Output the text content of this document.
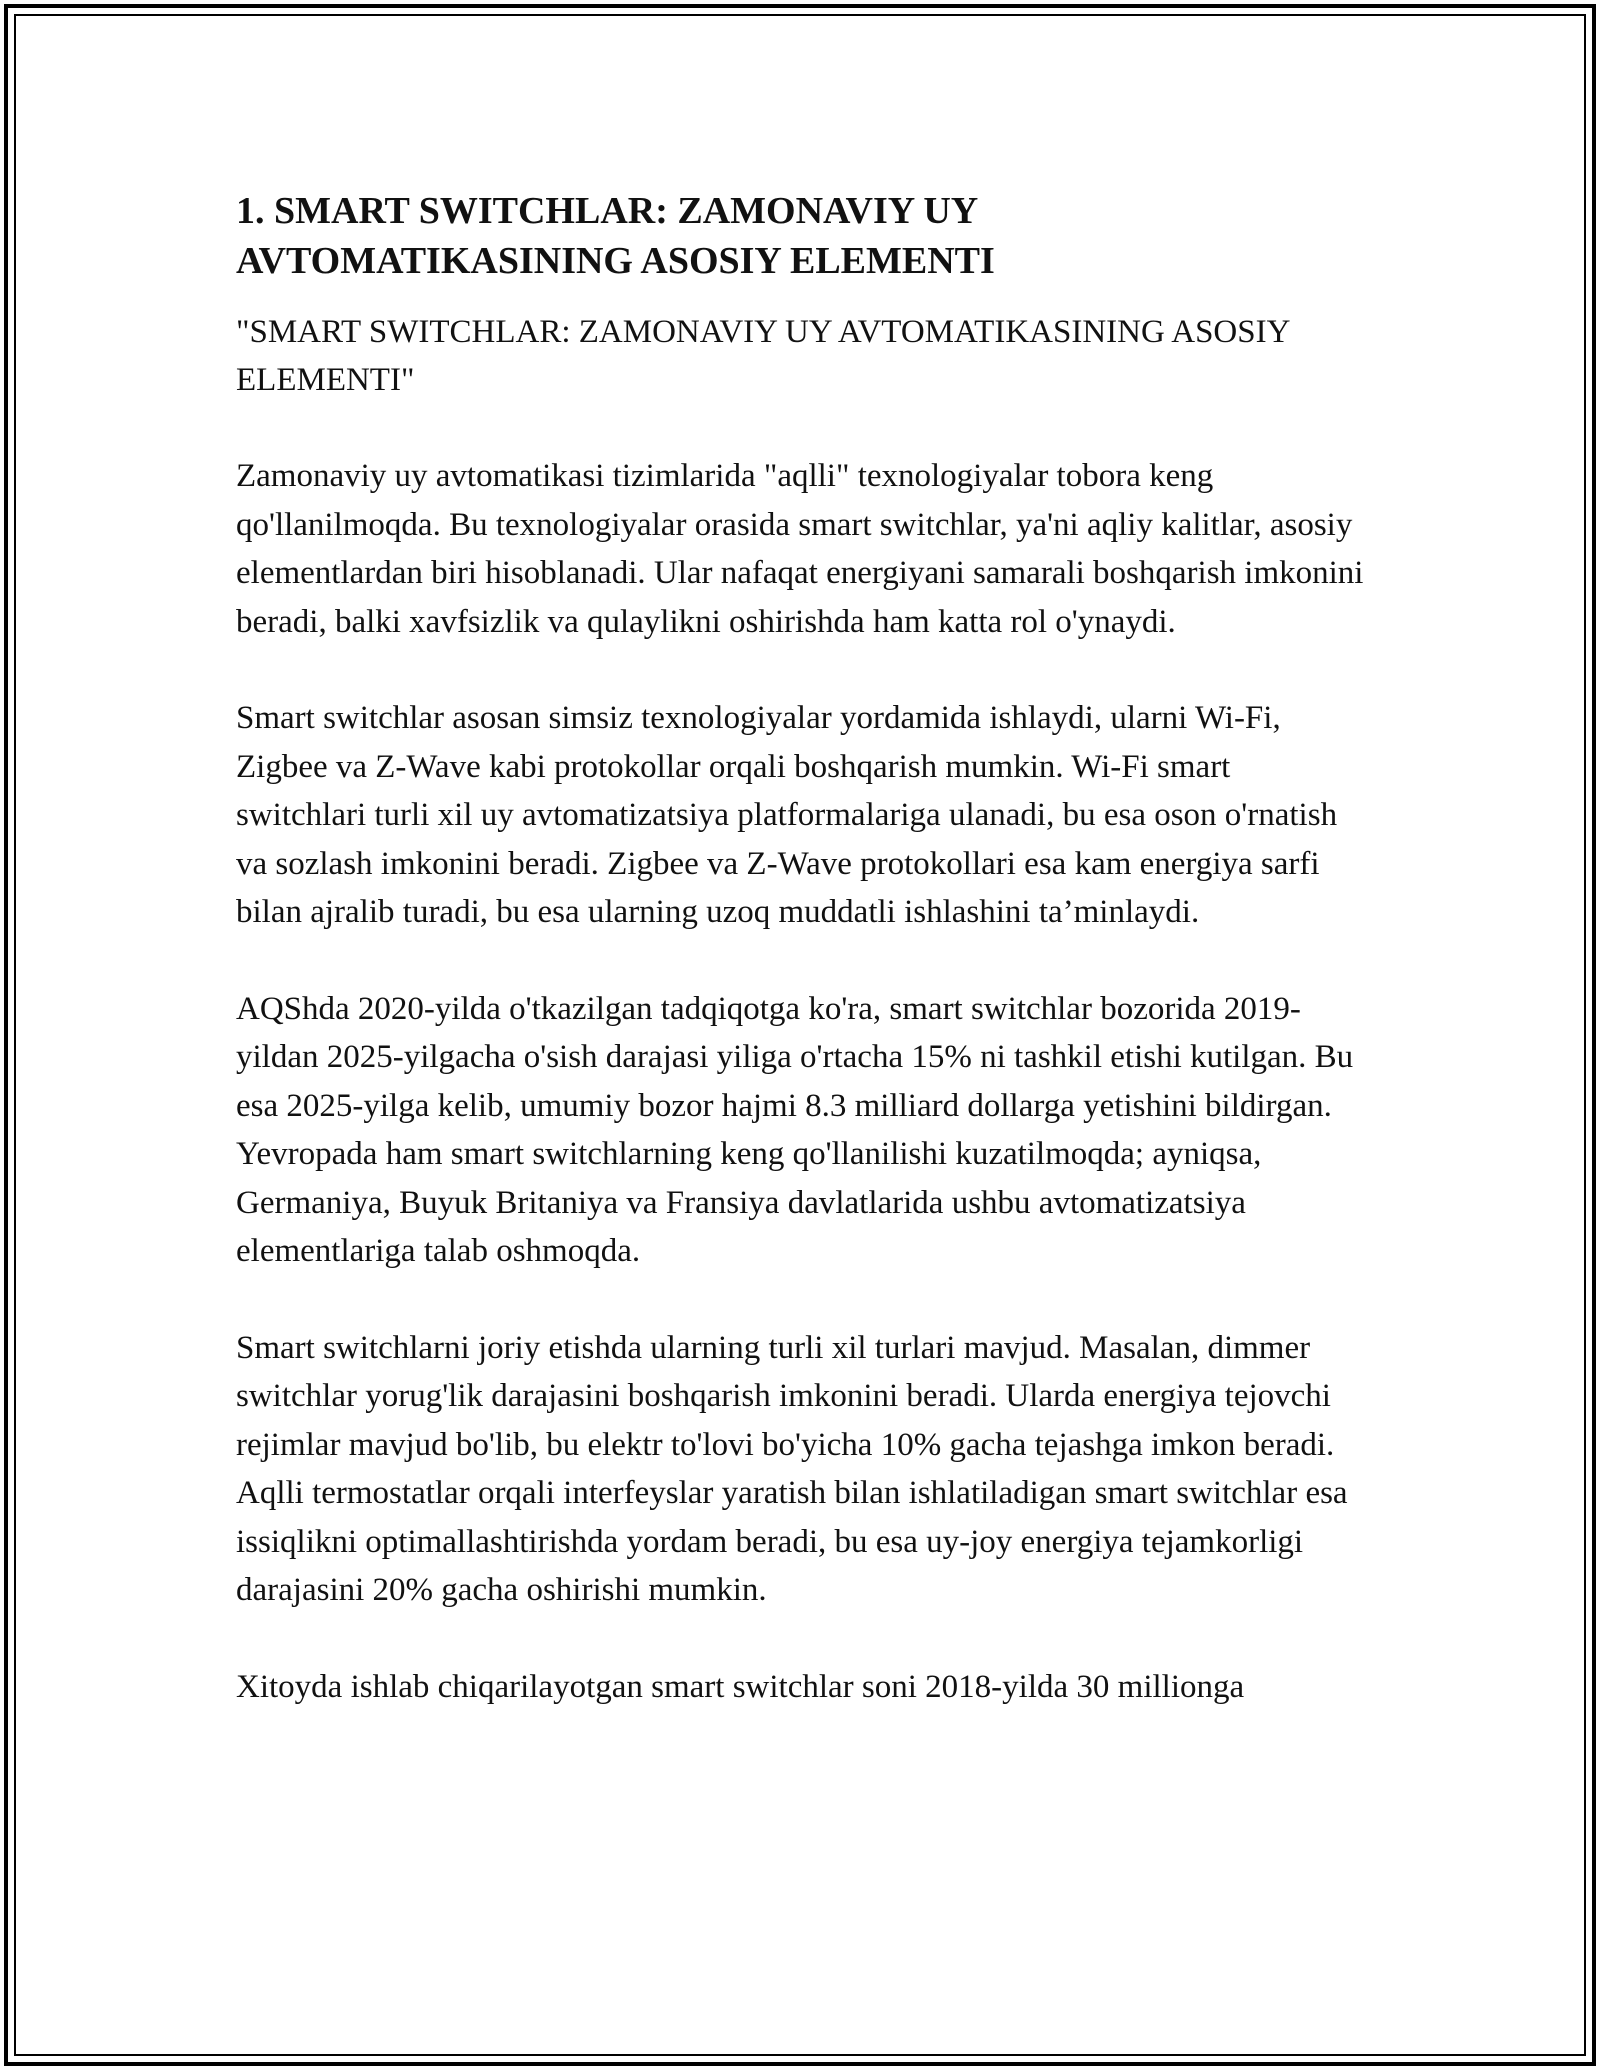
1. SMART SWITCHLAR: ZAMONAVIY UY AVTOMATIKASINING ASOSIY ELEMENTI

"SMART SWITCHLAR: ZAMONAVIY UY AVTOMATIKASINING ASOSIY ELEMENTI"

Zamonaviy uy avtomatikasi tizimlarida "aqlli" texnologiyalar tobora keng qo'llanilmoqda. Bu texnologiyalar orasida smart switchlar, ya'ni aqliy kalitlar, asosiy elementlardan biri hisoblanadi. Ular nafaqat energiyani samarali boshqarish imkonini beradi, balki xavfsizlik va qulaylikni oshirishda ham katta rol o'ynaydi.

Smart switchlar asosan simsiz texnologiyalar yordamida ishlaydi, ularni Wi-Fi, Zigbee va Z-Wave kabi protokollar orqali boshqarish mumkin. Wi-Fi smart switchlari turli xil uy avtomatizatsiya platformalariga ulanadi, bu esa oson o'rnatish va sozlash imkonini beradi. Zigbee va Z-Wave protokollari esa kam energiya sarfi bilan ajralib turadi, bu esa ularning uzoq muddatli ishlashini ta’minlaydi.

AQShda 2020-yilda o'tkazilgan tadqiqotga ko'ra, smart switchlar bozorida 2019-yildan 2025-yilgacha o'sish darajasi yiliga o'rtacha 15% ni tashkil etishi kutilgan. Bu esa 2025-yilga kelib, umumiy bozor hajmi 8.3 milliard dollarga yetishini bildirgan. Yevropada ham smart switchlarning keng qo'llanilishi kuzatilmoqda; ayniqsa, Germaniya, Buyuk Britaniya va Fransiya davlatlarida ushbu avtomatizatsiya elementlariga talab oshmoqda.

Smart switchlarni joriy etishda ularning turli xil turlari mavjud. Masalan, dimmer switchlar yorug'lik darajasini boshqarish imkonini beradi. Ularda energiya tejovchi rejimlar mavjud bo'lib, bu elektr to'lovi bo'yicha 10% gacha tejashga imkon beradi. Aqlli termostatlar orqali interfeyslar yaratish bilan ishlatiladigan smart switchlar esa issiqlikni optimallashtirishda yordam beradi, bu esa uy-joy energiya tejamkorligi darajasini 20% gacha oshirishi mumkin.

Xitoyda ishlab chiqarilayotgan smart switchlar soni 2018-yilda 30 millionga
